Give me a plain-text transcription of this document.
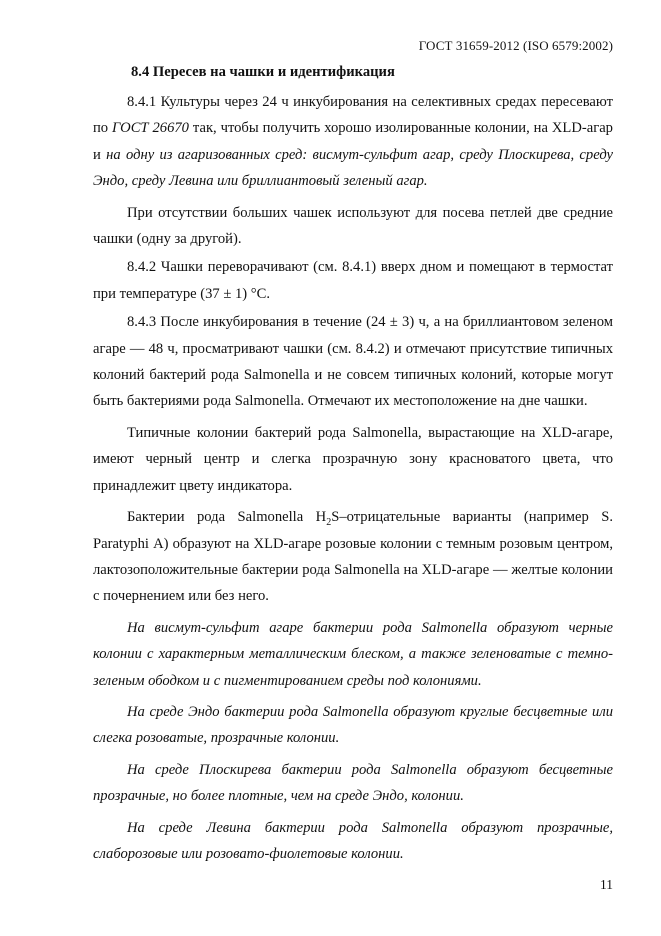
ГОСТ 31659-2012 (ISO 6579:2002)
8.4 Пересев на чашки и идентификация

8.4.1 Культуры через 24 ч инкубирования на селективных средах пересевают по ГОСТ 26670 так, чтобы получить хорошо изолированные колонии, на XLD-агар и на одну из агаризованных сред: висмут-сульфит агар, среду Плоскирева, среду Эндо, среду Левина или бриллиантовый зеленый агар.

При отсутствии больших чашек используют для посева петлей две средние чашки (одну за другой).

8.4.2 Чашки переворачивают (см. 8.4.1) вверх дном и помещают в термостат при температуре (37 ± 1) °С.

8.4.3 После инкубирования в течение (24 ± 3) ч, а на бриллиантовом зеленом агаре — 48 ч, просматривают чашки (см. 8.4.2) и отмечают присутствие типичных колоний бактерий рода Salmonella и не совсем типичных колоний, которые могут быть бактериями рода Salmonella. Отмечают их местоположение на дне чашки.

Типичные колонии бактерий рода Salmonella, вырастающие на XLD-агаре, имеют черный центр и слегка прозрачную зону красноватого цвета, что принадлежит цвету индикатора.

Бактерии рода Salmonella $H_2S$–отрицательные варианты (например S. Paratyphi А) образуют на XLD-агаре розовые колонии с темным розовым центром, лактозоположительные бактерии рода Salmonella на XLD-агаре — желтые колонии с почернением или без него.

На висмут-сульфит агаре бактерии рода Salmonella образуют черные колонии с характерным металлическим блеском, а также зеленоватые с темно-зеленым ободком и с пигментированием среды под колониями.

На среде Эндо бактерии рода Salmonella образуют круглые бесцветные или слегка розоватые, прозрачные колонии.

На среде Плоскирева бактерии рода Salmonella образуют бесцветные прозрачные, но более плотные, чем на среде Эндо, колонии.

На среде Левина бактерии рода Salmonella образуют прозрачные, слаборозовые или розовато-фиолетовые колонии.

11
